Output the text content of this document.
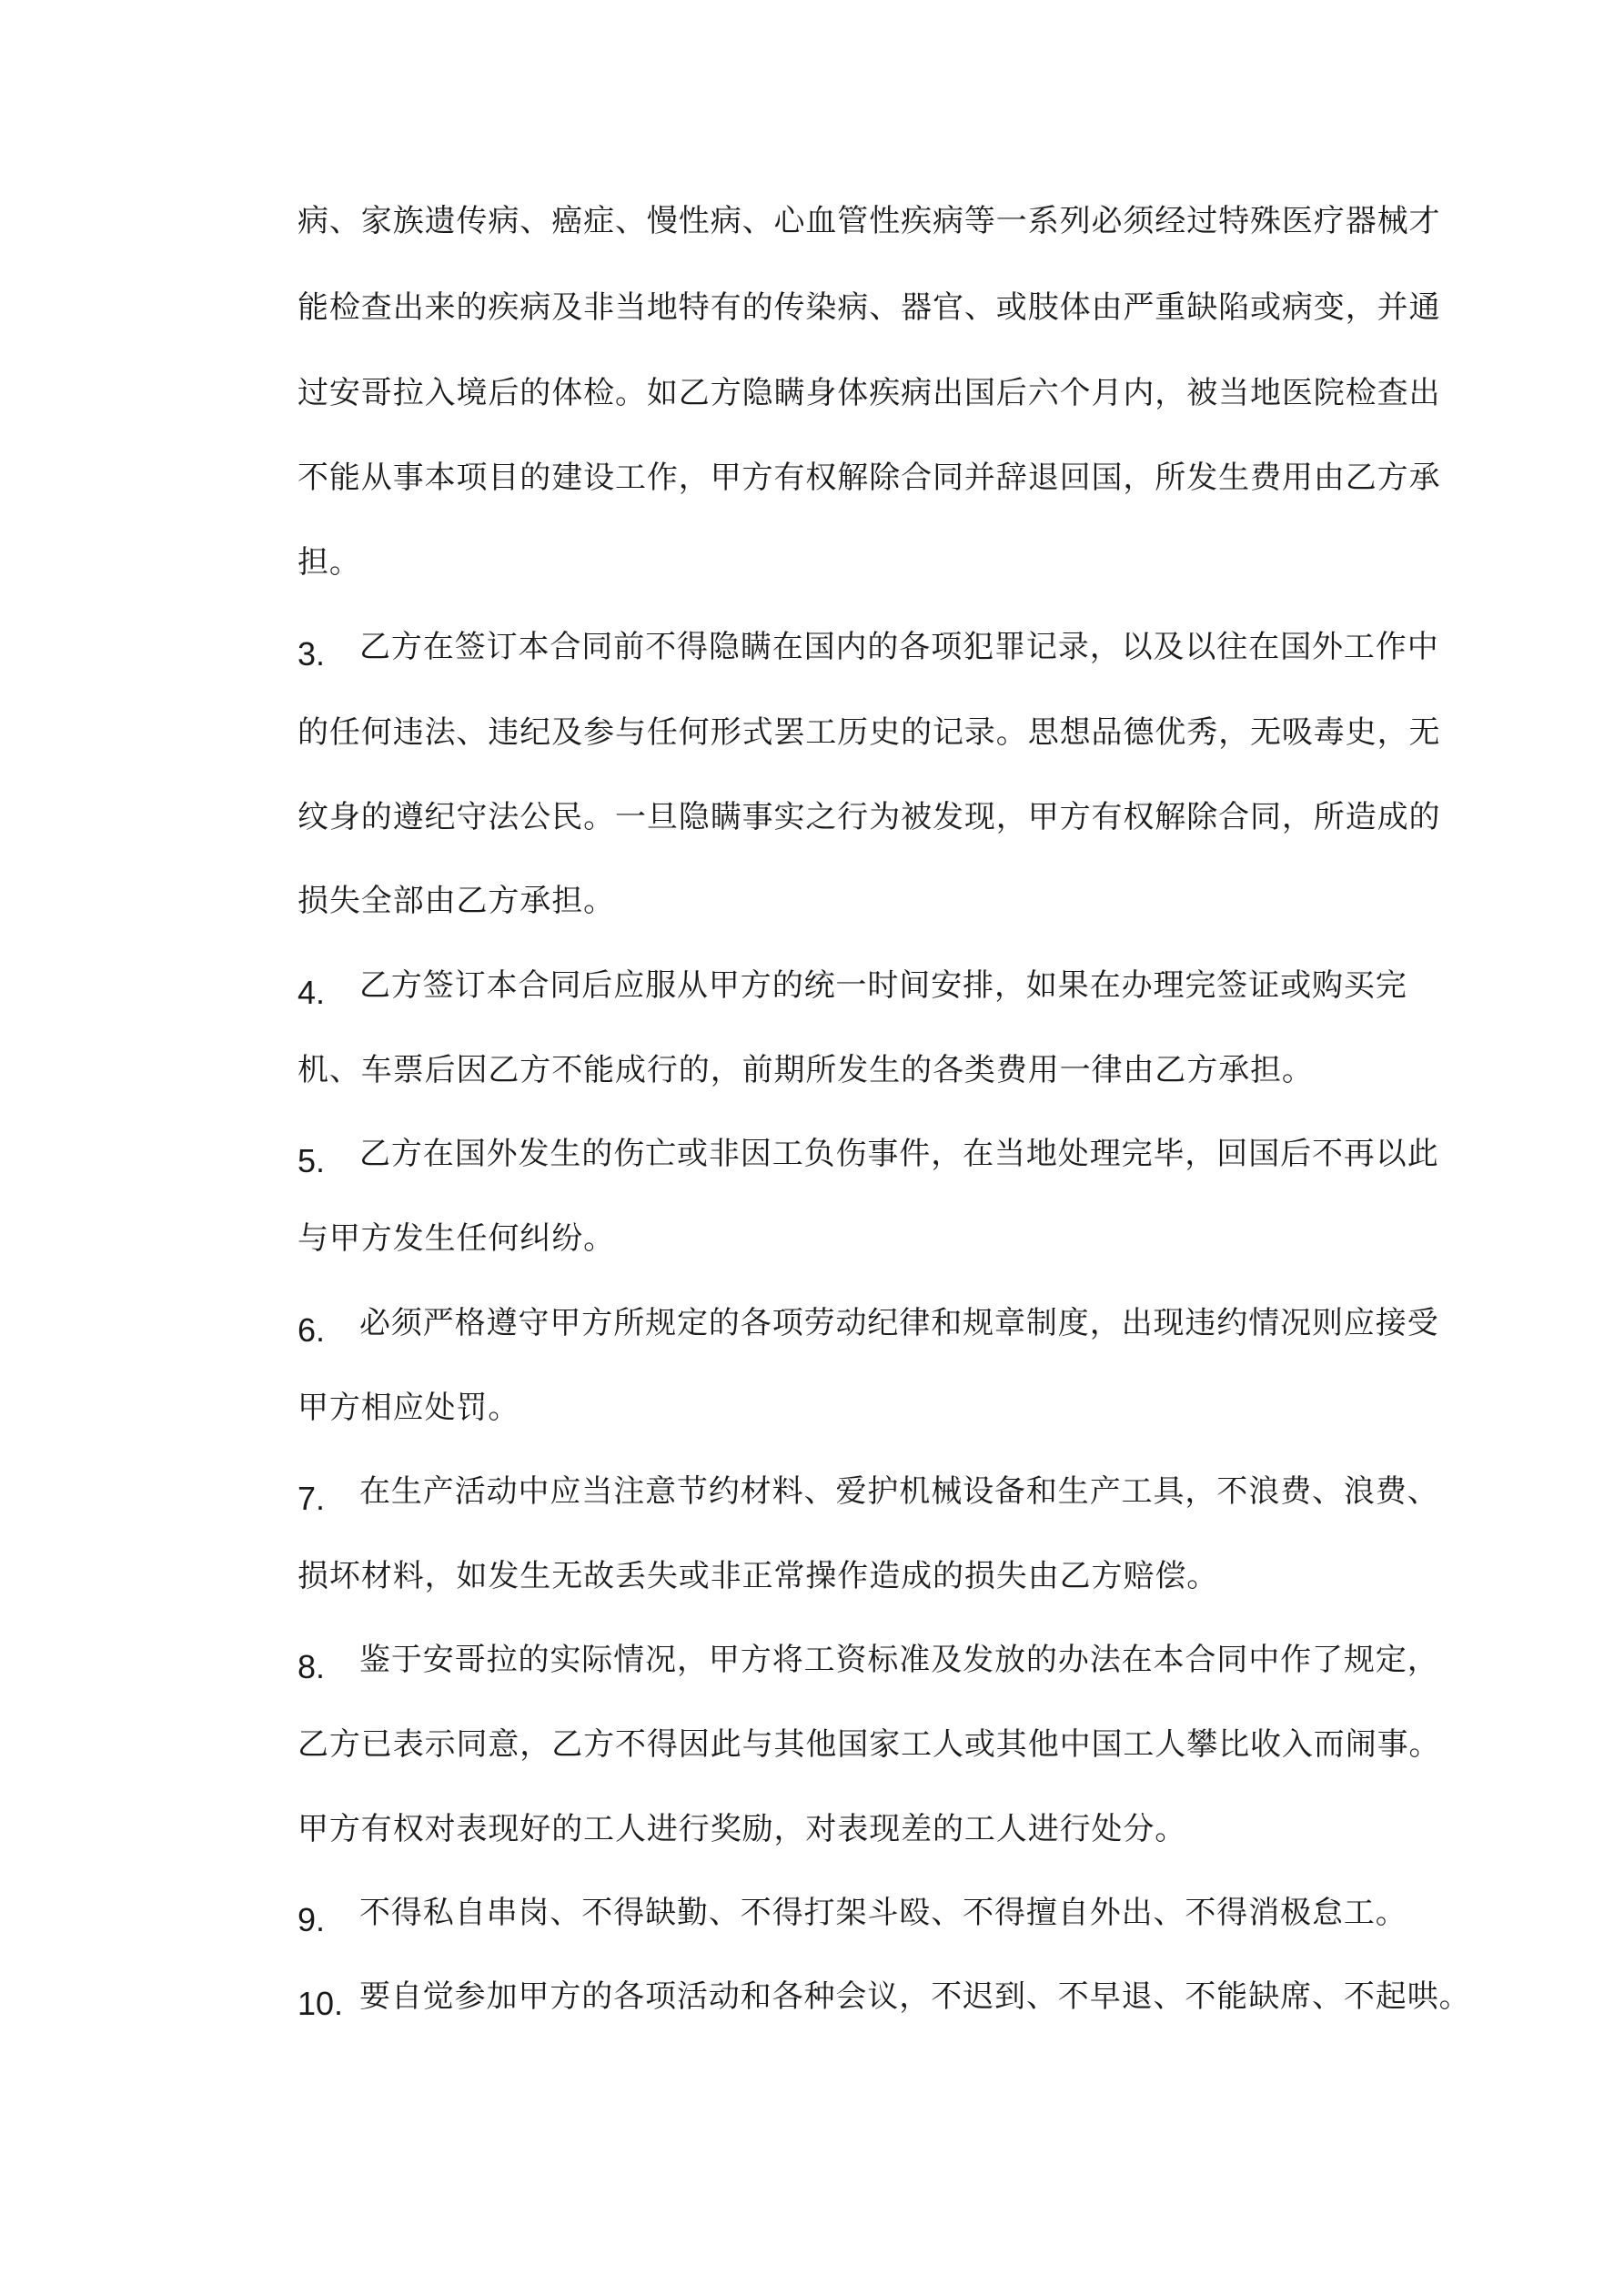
病、家族遗传病、癌症、慢性病、心血管性疾病等一系列必须经过特殊医疗器械才
能检查出来的疾病及非当地特有的传染病、器官、或肢体由严重缺陷或病变，并通
过安哥拉入境后的体检。如乙方隐瞒身体疾病出国后六个月内，被当地医院检查出
不能从事本项目的建设工作，甲方有权解除合同并辞退回国，所发生费用由乙方承
担。
3. 乙方在签订本合同前不得隐瞒在国内的各项犯罪记录，以及以往在国外工作中
的任何违法、违纪及参与任何形式罢工历史的记录。思想品德优秀，无吸毒史，无
纹身的遵纪守法公民。一旦隐瞒事实之行为被发现，甲方有权解除合同，所造成的
损失全部由乙方承担。
4. 乙方签订本合同后应服从甲方的统一时间安排，如果在办理完签证或购买完
机、车票后因乙方不能成行的，前期所发生的各类费用一律由乙方承担。
5. 乙方在国外发生的伤亡或非因工负伤事件，在当地处理完毕，回国后不再以此
与甲方发生任何纠纷。
6. 必须严格遵守甲方所规定的各项劳动纪律和规章制度，出现违约情况则应接受
甲方相应处罚。
7. 在生产活动中应当注意节约材料、爱护机械设备和生产工具，不浪费、浪费、
损坏材料，如发生无故丢失或非正常操作造成的损失由乙方赔偿。
8. 鉴于安哥拉的实际情况，甲方将工资标准及发放的办法在本合同中作了规定，
乙方已表示同意，乙方不得因此与其他国家工人或其他中国工人攀比收入而闹事。
甲方有权对表现好的工人进行奖励，对表现差的工人进行处分。
9. 不得私自串岗、不得缺勤、不得打架斗殴、不得擅自外出、不得消极怠工。
10. 要自觉参加甲方的各项活动和各种会议，不迟到、不早退、不能缺席、不起哄。
